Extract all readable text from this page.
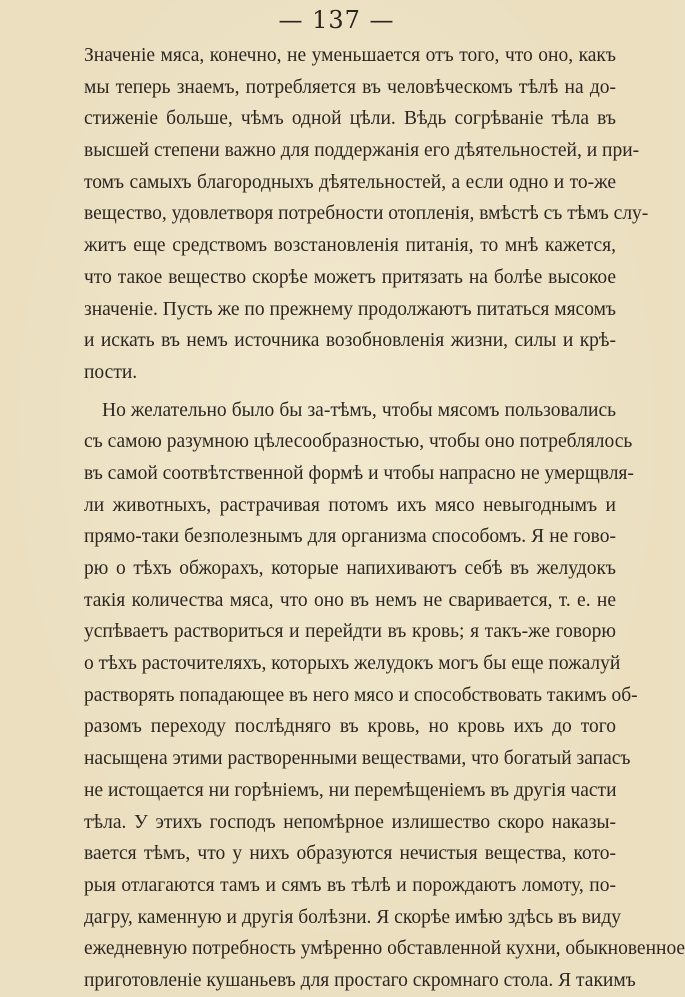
— 137 —
Значенiе мяса, конечно, не уменьшается отъ того, что оно, какъ
мы теперь знаемъ, потребляется въ человѣческомъ тѣлѣ на до-
стиженiе больше, чѣмъ одной цѣли. Вѣдь согрѣванiе тѣла въ
высшей степени важно для поддержанiя его дѣятельностей, и при-
томъ самыхъ благородныхъ дѣятельностей, а если одно и то-же
вещество, удовлетворя потребности отопленiя, вмѣстѣ съ тѣмъ слу-
житъ еще средствомъ возстановленiя питанiя, то мнѣ кажется,
что такое вещество скорѣе можетъ притязать на болѣе высокое
значенiе. Пусть же по прежнему продолжаютъ питаться мясомъ
и искать въ немъ источника возобновленiя жизни, силы и крѣ-
пости.
Но желательно было бы за-тѣмъ, чтобы мясомъ пользовались
съ самою разумною цѣлесообразностью, чтобы оно потреблялось
въ самой соотвѣтственной формѣ и чтобы напрасно не умерщвля-
ли животныхъ, растрачивая потомъ ихъ мясо невыгоднымъ и
прямо-таки безполезнымъ для организма способомъ. Я не гово-
рю о тѣхъ обжорахъ, которые напихиваютъ себѣ въ желудокъ
такiя количества мяса, что оно въ немъ не сваривается, т. е. не
успѣваетъ раствориться и перейдти въ кровь; я такъ-же говорю
о тѣхъ расточителяхъ, которыхъ желудокъ могъ бы еще пожалуй
растворять попадающее въ него мясо и способствовать такимъ об-
разомъ переходу послѣдняго въ кровь, но кровь ихъ до того
насыщена этими растворенными веществами, что богатый запасъ
не истощается ни горѣнiемъ, ни перемѣщенiемъ въ другiя части
тѣла. У этихъ господъ непомѣрное излишество скоро наказы-
вается тѣмъ, что у нихъ образуются нечистыя вещества, кото-
рыя отлагаются тамъ и сямъ въ тѣлѣ и порождаютъ ломоту, по-
дагру, каменную и другiя болѣзни. Я скорѣе имѣю здѣсь въ виду
ежедневную потребность умѣренно обставленной кухни, обыкновенное
приготовленiе кушаньевъ для простаго скромнаго стола. Я такимъ
